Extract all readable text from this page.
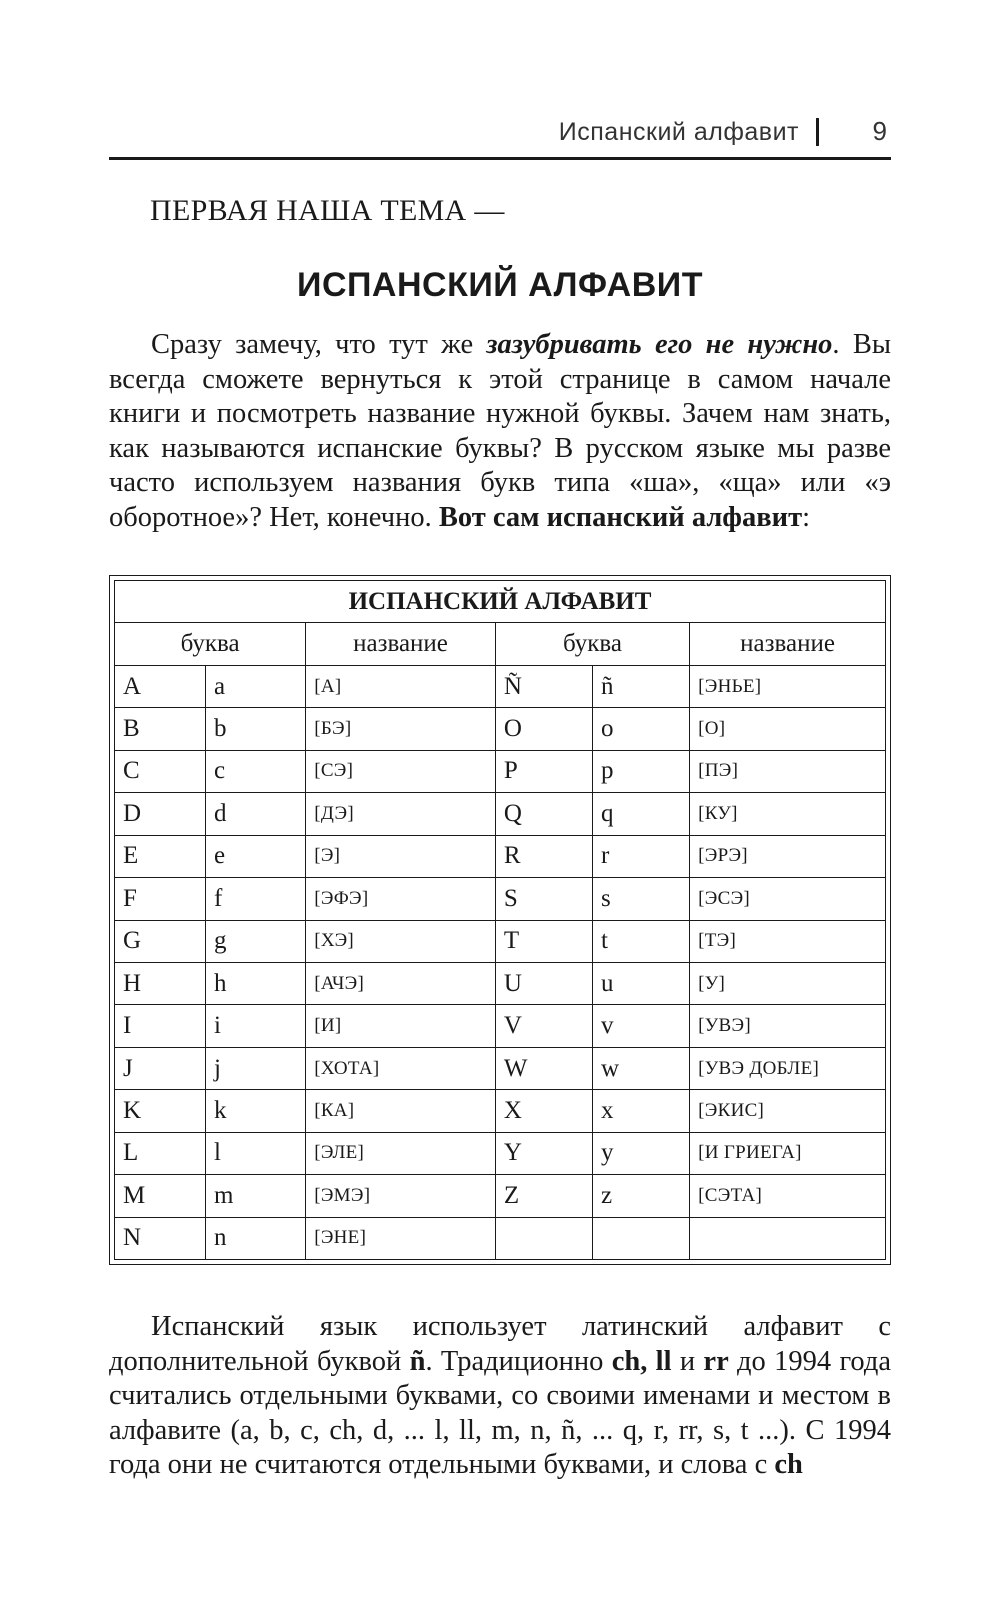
Испанский алфавит	9
ПЕРВАЯ НАША ТЕМА —
ИСПАНСКИЙ АЛФАВИТ

Сразу замечу, что тут же зазубривать его не нужно. Вы всегда сможете вернуться к этой странице в самом начале книги и посмотреть название нужной буквы. Зачем нам знать, как называются испанские буквы? В русском языке мы разве часто используем названия букв типа «ша», «ща» или «э оборотное»? Нет, конечно. Вот сам испанский алфавит:

ИСПАНСКИЙ АЛФАВИТ					
буква		название	буква		название
A	a	[А]	Ñ	ñ	[ЭНЬЕ]
B	b	[БЭ]	O	o	[О]
C	c	[СЭ]	P	p	[ПЭ]
D	d	[ДЭ]	Q	q	[КУ]
E	e	[Э]	R	r	[ЭРЭ]
F	f	[ЭФЭ]	S	s	[ЭСЭ]
G	g	[ХЭ]	T	t	[ТЭ]
H	h	[АЧЭ]	U	u	[У]
I	i	[И]	V	v	[УВЭ]
J	j	[ХОТА]	W	w	[УВЭ ДОБЛЕ]
K	k	[КА]	X	x	[ЭКИС]
L	l	[ЭЛЕ]	Y	y	[И ГРИЕГА]
M	m	[ЭМЭ]	Z	z	[СЭТА]
N	n	[ЭНЕ]			

Испанский язык использует латинский алфавит с дополнительной буквой ñ. Традиционно ch, ll и rr до 1994 года считались отдельными буквами, со своими именами и местом в алфавите (a, b, c, ch, d, ... l, ll, m, n, ñ, ... q, r, rr, s, t ...). С 1994 года они не считаются отдельными буквами, и слова с ch
